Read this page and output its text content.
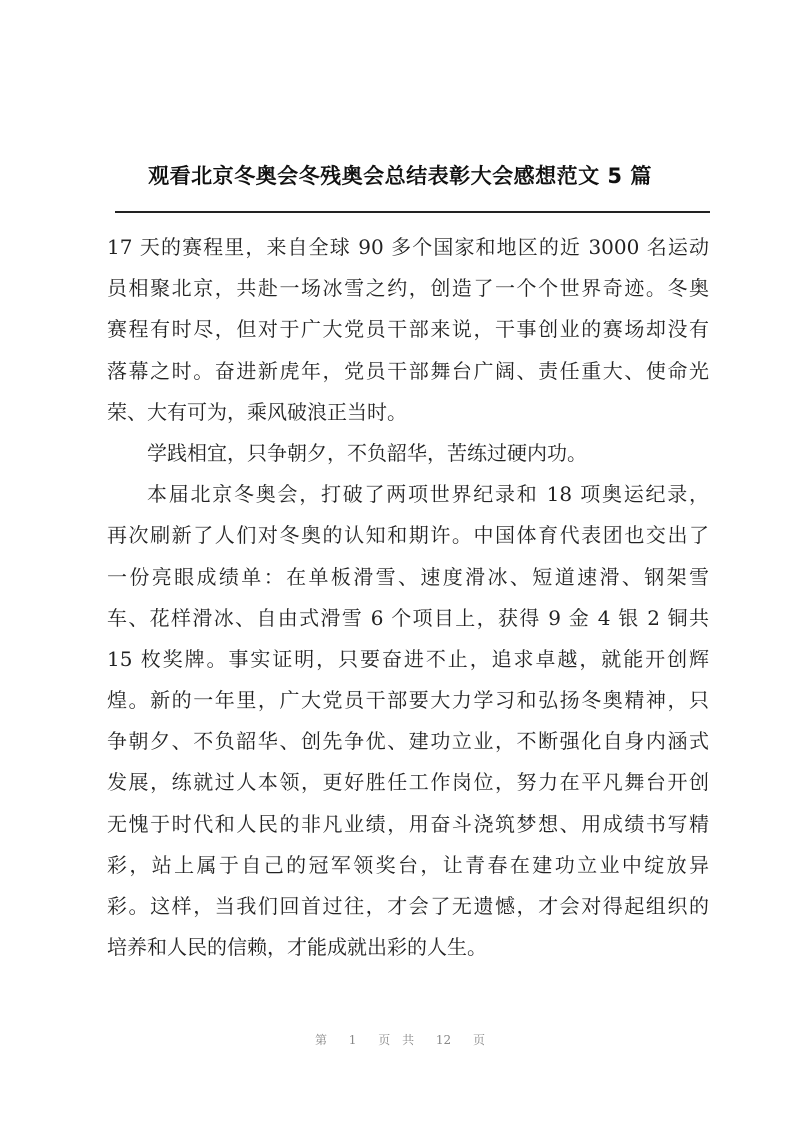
观看北京冬奥会冬残奥会总结表彰大会感想范文 5 篇
17 天的赛程里，来自全球 90 多个国家和地区的近 3000 名运动
员相聚北京，共赴一场冰雪之约，创造了一个个世界奇迹。冬奥
赛程有时尽，但对于广大党员干部来说，干事创业的赛场却没有
落幕之时。奋进新虎年，党员干部舞台广阔、责任重大、使命光
荣、大有可为，乘风破浪正当时。
学践相宜，只争朝夕，不负韶华，苦练过硬内功。
本届北京冬奥会，打破了两项世界纪录和 18 项奥运纪录，
再次刷新了人们对冬奥的认知和期许。中国体育代表团也交出了
一份亮眼成绩单：在单板滑雪、速度滑冰、短道速滑、钢架雪
车、花样滑冰、自由式滑雪 6 个项目上，获得 9 金 4 银 2 铜共
15 枚奖牌。事实证明，只要奋进不止，追求卓越，就能开创辉
煌。新的一年里，广大党员干部要大力学习和弘扬冬奥精神，只
争朝夕、不负韶华、创先争优、建功立业，不断强化自身内涵式
发展，练就过人本领，更好胜任工作岗位，努力在平凡舞台开创
无愧于时代和人民的非凡业绩，用奋斗浇筑梦想、用成绩书写精
彩，站上属于自己的冠军领奖台，让青春在建功立业中绽放异
彩。这样，当我们回首过往，才会了无遗憾，才会对得起组织的
培养和人民的信赖，才能成就出彩的人生。
第 1 页 共 12 页
